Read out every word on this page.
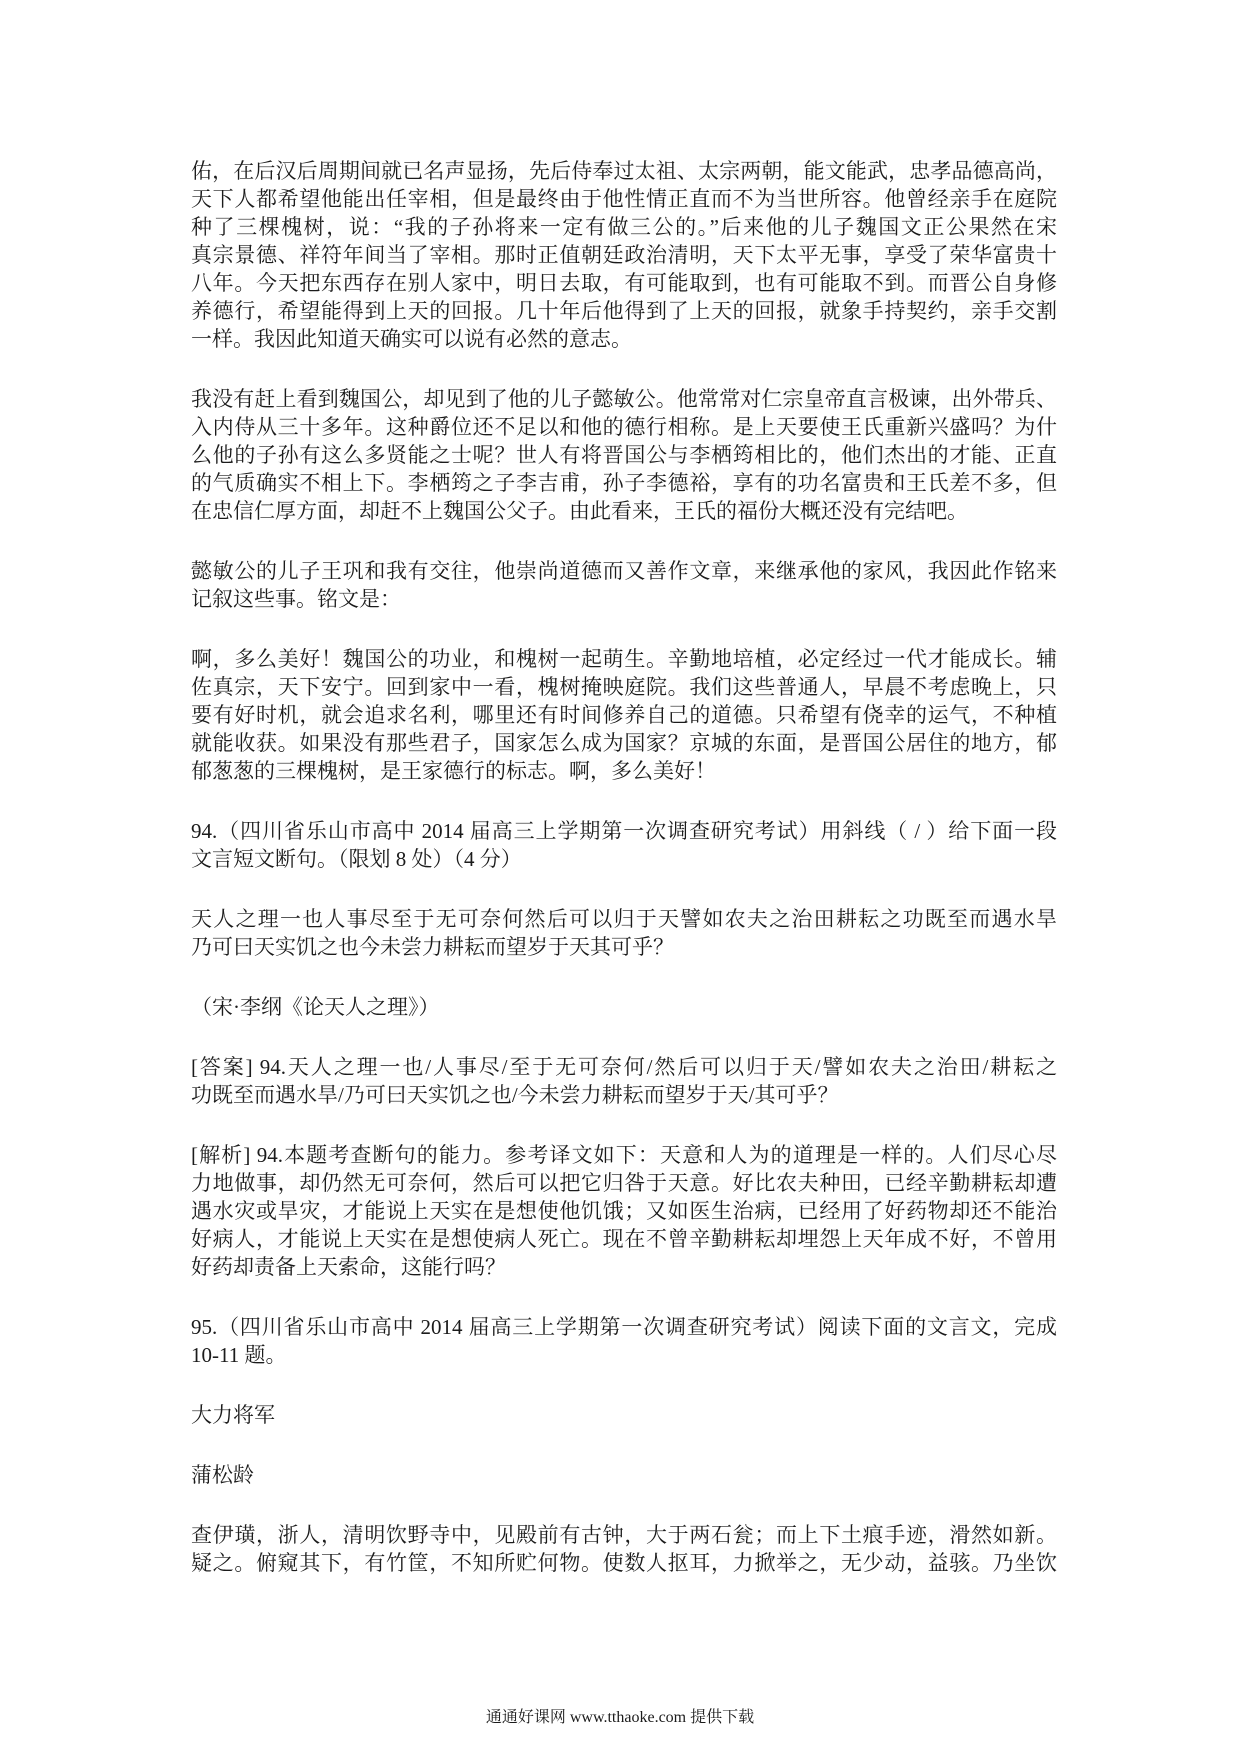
佑，在后汉后周期间就已名声显扬，先后侍奉过太祖、太宗两朝，能文能武，忠孝品德高尚，
天下人都希望他能出任宰相，但是最终由于他性情正直而不为当世所容。他曾经亲手在庭院
种了三棵槐树，说：“我的子孙将来一定有做三公的。”后来他的儿子魏国文正公果然在宋
真宗景德、祥符年间当了宰相。那时正值朝廷政治清明，天下太平无事，享受了荣华富贵十
八年。今天把东西存在别人家中，明日去取，有可能取到，也有可能取不到。而晋公自身修
养德行，希望能得到上天的回报。几十年后他得到了上天的回报，就象手持契约，亲手交割
一样。我因此知道天确实可以说有必然的意志。
我没有赶上看到魏国公，却见到了他的儿子懿敏公。他常常对仁宗皇帝直言极谏，出外带兵、
入内侍从三十多年。这种爵位还不足以和他的德行相称。是上天要使王氏重新兴盛吗？为什
么他的子孙有这么多贤能之士呢？世人有将晋国公与李栖筠相比的，他们杰出的才能、正直
的气质确实不相上下。李栖筠之子李吉甫，孙子李德裕，享有的功名富贵和王氏差不多，但
在忠信仁厚方面，却赶不上魏国公父子。由此看来，王氏的福份大概还没有完结吧。
懿敏公的儿子王巩和我有交往，他崇尚道德而又善作文章，来继承他的家风，我因此作铭来
记叙这些事。铭文是：
啊，多么美好！魏国公的功业，和槐树一起萌生。辛勤地培植，必定经过一代才能成长。辅
佐真宗，天下安宁。回到家中一看，槐树掩映庭院。我们这些普通人，早晨不考虑晚上，只
要有好时机，就会追求名利，哪里还有时间修养自己的道德。只希望有侥幸的运气，不种植
就能收获。如果没有那些君子，国家怎么成为国家？京城的东面，是晋国公居住的地方，郁
郁葱葱的三棵槐树，是王家德行的标志。啊，多么美好！
94.（四川省乐山市高中 2014 届高三上学期第一次调查研究考试）用斜线（ / ）给下面一段
文言短文断句。（限划 8 处）（4 分）
天人之理一也人事尽至于无可奈何然后可以归于天譬如农夫之治田耕耘之功既至而遇水旱
乃可曰天实饥之也今未尝力耕耘而望岁于天其可乎？
（宋·李纲《论天人之理》）
[答案] 94.天人之理一也/人事尽/至于无可奈何/然后可以归于天/譬如农夫之治田/耕耘之
功既至而遇水旱/乃可曰天实饥之也/今未尝力耕耘而望岁于天/其可乎？
[解析] 94.本题考查断句的能力。参考译文如下：天意和人为的道理是一样的。人们尽心尽
力地做事，却仍然无可奈何，然后可以把它归咎于天意。好比农夫种田，已经辛勤耕耘却遭
遇水灾或旱灾，才能说上天实在是想使他饥饿；又如医生治病，已经用了好药物却还不能治
好病人，才能说上天实在是想使病人死亡。现在不曾辛勤耕耘却埋怨上天年成不好，不曾用
好药却责备上天索命，这能行吗？
95.（四川省乐山市高中 2014 届高三上学期第一次调查研究考试）阅读下面的文言文，完成
10-11 题。
大力将军
蒲松龄
查伊璜，浙人，清明饮野寺中，见殿前有古钟，大于两石瓮；而上下土痕手迹，滑然如新。
疑之。俯窥其下，有竹筐，不知所贮何物。使数人抠耳，力掀举之，无少动，益骇。乃坐饮
通通好课网 www.tthaoke.com 提供下载
